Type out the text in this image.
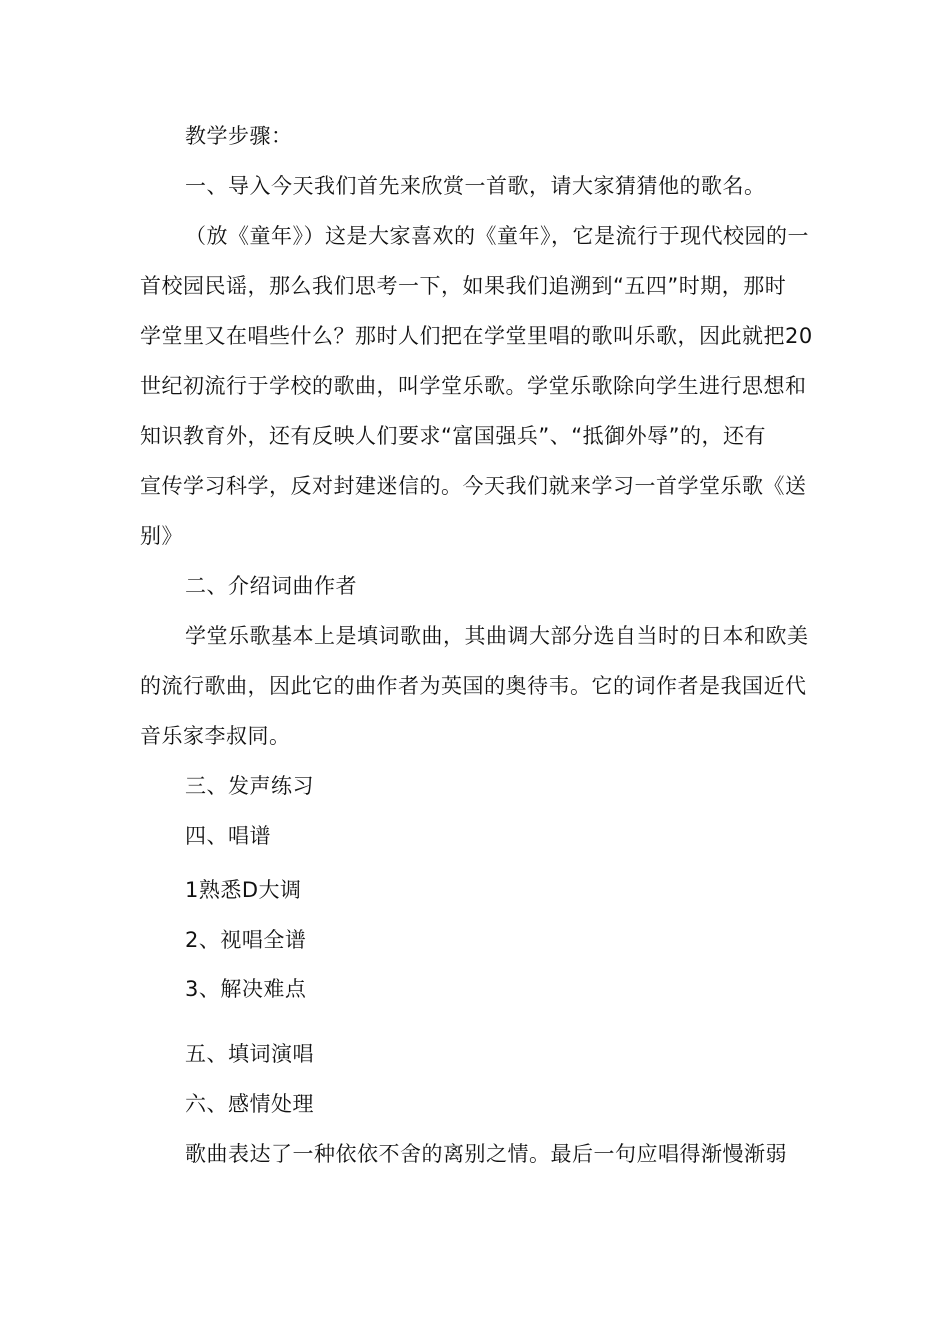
教学步骤：
一、导入今天我们首先来欣赏一首歌，请大家猜猜他的歌名。
（放《童年》）这是大家喜欢的《童年》，它是流行于现代校园的一
首校园民谣，那么我们思考一下，如果我们追溯到“五四”时期，那时
学堂里又在唱些什么？那时人们把在学堂里唱的歌叫乐歌，因此就把20
世纪初流行于学校的歌曲，叫学堂乐歌。学堂乐歌除向学生进行思想和
知识教育外，还有反映人们要求“富国强兵”、“抵御外辱”的，还有
宣传学习科学，反对封建迷信的。今天我们就来学习一首学堂乐歌《送
别》
二、介绍词曲作者
学堂乐歌基本上是填词歌曲，其曲调大部分选自当时的日本和欧美
的流行歌曲，因此它的曲作者为英国的奥待韦。它的词作者是我国近代
音乐家李叔同。
三、发声练习
四、唱谱
1熟悉D大调
2、视唱全谱
3、解决难点
五、填词演唱
六、感情处理
歌曲表达了一种依依不舍的离别之情。最后一句应唱得渐慢渐弱
